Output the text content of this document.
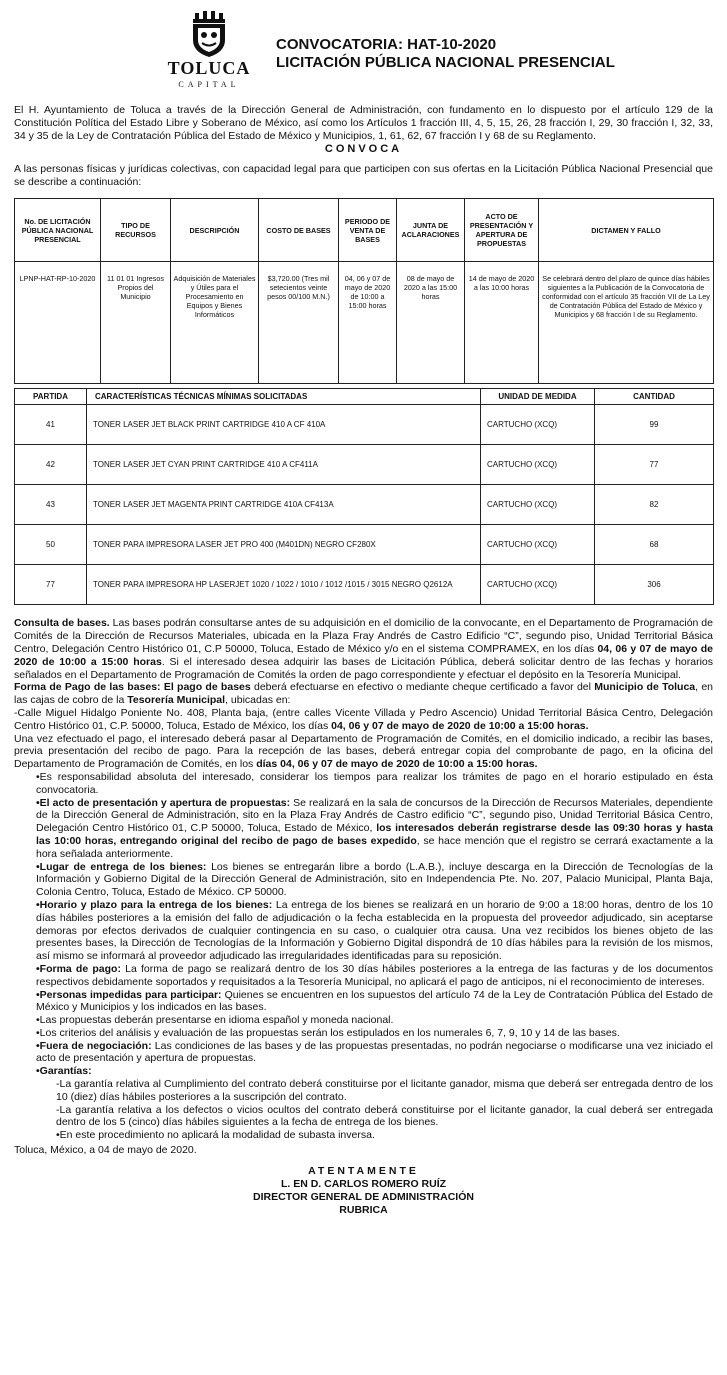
TOLUCA
CAPITAL
CONVOCATORIA: HAT-10-2020
LICITACIÓN PÚBLICA NACIONAL PRESENCIAL

El H. Ayuntamiento de Toluca a través de la Dirección General de Administración, con fundamento en lo dispuesto por el artículo 129 de la Constitución Política del Estado Libre y Soberano de México, así como los Artículos 1 fracción III, 4, 5, 15, 26, 28 fracción I, 29, 30 fracción I, 32, 33, 34 y 35 de la Ley de Contratación Pública del Estado de México y Municipios, 1, 61, 62, 67 fracción I y 68 de su Reglamento.

CONVOCA

A las personas físicas y jurídicas colectivas, con capacidad legal para que participen con sus ofertas en la Licitación Pública Nacional Presencial que se describe a continuación:

No. DE LICITACIÓN PÚBLICA NACIONAL PRESENCIAL	TIPO DE RECURSOS	DESCRIPCIÓN	COSTO DE BASES	PERIODO DE VENTA DE BASES	JUNTA DE ACLARACIONES	ACTO DE PRESENTACIÓN Y APERTURA DE PROPUESTAS	DICTAMEN Y FALLO
LPNP-HAT-RP-10-2020	11 01 01 Ingresos Propios del Municipio	Adquisición de Materiales y Útiles para el Procesamiento en Equipos y Bienes Informáticos	$3,720.00 (Tres mil setecientos veinte pesos 00/100 M.N.)	04, 06 y 07 de mayo de 2020 de 10:00 a 15:00 horas	08 de mayo de 2020 a las 15:00 horas	14 de mayo de 2020 a las 10:00 horas	Se celebrará dentro del plazo de quince días hábiles siguientes a la Publicación de la Convocatoria de conformidad con el artículo 35 fracción VII de La Ley de Contratación Pública del Estado de México y Municipios y 68 fracción I de su Reglamento.
PARTIDA	CARACTERÍSTICAS TÉCNICAS MÍNIMAS SOLICITADAS	UNIDAD DE MEDIDA	CANTIDAD
41	TONER LASER JET BLACK PRINT CARTRIDGE 410 A CF 410A	CARTUCHO (XCQ)	99
42	TONER LASER JET CYAN PRINT CARTRIDGE 410 A CF411A	CARTUCHO (XCQ)	77
43	TONER LASER JET MAGENTA PRINT CARTRIDGE 410A CF413A	CARTUCHO (XCQ)	82
50	TONER PARA IMPRESORA LASER JET PRO 400 (M401DN) NEGRO CF280X	CARTUCHO (XCQ)	68
77	TONER PARA IMPRESORA HP LASERJET 1020 / 1022 / 1010 / 1012 /1015 / 3015 NEGRO Q2612A	CARTUCHO (XCQ)	306

Consulta de bases. Las bases podrán consultarse antes de su adquisición en el domicilio de la convocante, en el Departamento de Programación de Comités de la Dirección de Recursos Materiales, ubicada en la Plaza Fray Andrés de Castro Edificio “C”, segundo piso, Unidad Territorial Básica Centro, Delegación Centro Histórico 01, C.P 50000, Toluca, Estado de México y/o en el sistema COMPRAMEX, en los días 04, 06 y 07 de mayo de 2020 de 10:00 a 15:00 horas. Si el interesado desea adquirir las bases de Licitación Pública, deberá solicitar dentro de las fechas y horarios señalados en el Departamento de Programación de Comités la orden de pago correspondiente y efectuar el depósito en la Tesorería Municipal.

Forma de Pago de las bases: El pago de bases deberá efectuarse en efectivo o mediante cheque certificado a favor del Municipio de Toluca, en las cajas de cobro de la Tesorería Municipal, ubicadas en:

-Calle Miguel Hidalgo Poniente No. 408, Planta baja, (entre calles Vicente Villada y Pedro Ascencio) Unidad Territorial Básica Centro, Delegación Centro Histórico 01, C.P. 50000, Toluca, Estado de México, los días 04, 06 y 07 de mayo de 2020 de 10:00 a 15:00 horas.

Una vez efectuado el pago, el interesado deberá pasar al Departamento de Programación de Comités, en el domicilio indicado, a recibir las bases, previa presentación del recibo de pago. Para la recepción de las bases, deberá entregar copia del comprobante de pago, en la oficina del Departamento de Programación de Comités, en los días 04, 06 y 07 de mayo de 2020 de 10:00 a 15:00 horas.

•Es responsabilidad absoluta del interesado, considerar los tiempos para realizar los trámites de pago en el horario estipulado en ésta convocatoria.

•El acto de presentación y apertura de propuestas: Se realizará en la sala de concursos de la Dirección de Recursos Materiales, dependiente de la Dirección General de Administración, sito en la Plaza Fray Andrés de Castro edificio “C”, segundo piso, Unidad Territorial Básica Centro, Delegación Centro Histórico 01, C.P 50000, Toluca, Estado de México, los interesados deberán registrarse desde las 09:30 horas y hasta las 10:00 horas, entregando original del recibo de pago de bases expedido, se hace mención que el registro se cerrará exactamente a la hora señalada anteriormente.

•Lugar de entrega de los bienes: Los bienes se entregarán libre a bordo (L.A.B.), incluye descarga en la Dirección de Tecnologías de la Información y Gobierno Digital de la Dirección General de Administración, sito en Independencia Pte. No. 207, Palacio Municipal, Planta Baja, Colonia Centro, Toluca, Estado de México. CP 50000.

•Horario y plazo para la entrega de los bienes: La entrega de los bienes se realizará en un horario de 9:00 a 18:00 horas, dentro de los 10 días hábiles posteriores a la emisión del fallo de adjudicación o la fecha establecida en la propuesta del proveedor adjudicado, sin aceptarse demoras por efectos derivados de cualquier contingencia en su caso, o cualquier otra causa. Una vez recibidos los bienes objeto de las presentes bases, la Dirección de Tecnologías de la Información y Gobierno Digital dispondrá de 10 días hábiles para la revisión de los mismos, así mismo se informará al proveedor adjudicado las irregularidades identificadas para su reposición.

•Forma de pago: La forma de pago se realizará dentro de los 30 días hábiles posteriores a la entrega de las facturas y de los documentos respectivos debidamente soportados y requisitados a la Tesorería Municipal, no aplicará el pago de anticipos, ni el reconocimiento de intereses.

•Personas impedidas para participar: Quienes se encuentren en los supuestos del artículo 74 de la Ley de Contratación Pública del Estado de México y Municipios y los indicados en las bases.

•Las propuestas deberán presentarse en idioma español y moneda nacional.

•Los criterios del análisis y evaluación de las propuestas serán los estipulados en los numerales 6, 7, 9, 10 y 14 de las bases.

•Fuera de negociación: Las condiciones de las bases y de las propuestas presentadas, no podrán negociarse o modificarse una vez iniciado el acto de presentación y apertura de propuestas.

•Garantías:

-La garantía relativa al Cumplimiento del contrato deberá constituirse por el licitante ganador, misma que deberá ser entregada dentro de los 10 (diez) días hábiles posteriores a la suscripción del contrato.

-La garantía relativa a los defectos o vicios ocultos del contrato deberá constituirse por el licitante ganador, la cual deberá ser entregada dentro de los 5 (cinco) días hábiles siguientes a la fecha de entrega de los bienes.

•En este procedimiento no aplicará la modalidad de subasta inversa.

Toluca, México, a 04 de mayo de 2020.

ATENTAMENTE
L. EN D. CARLOS ROMERO RUÍZ
DIRECTOR GENERAL DE ADMINISTRACIÓN
RUBRICA
